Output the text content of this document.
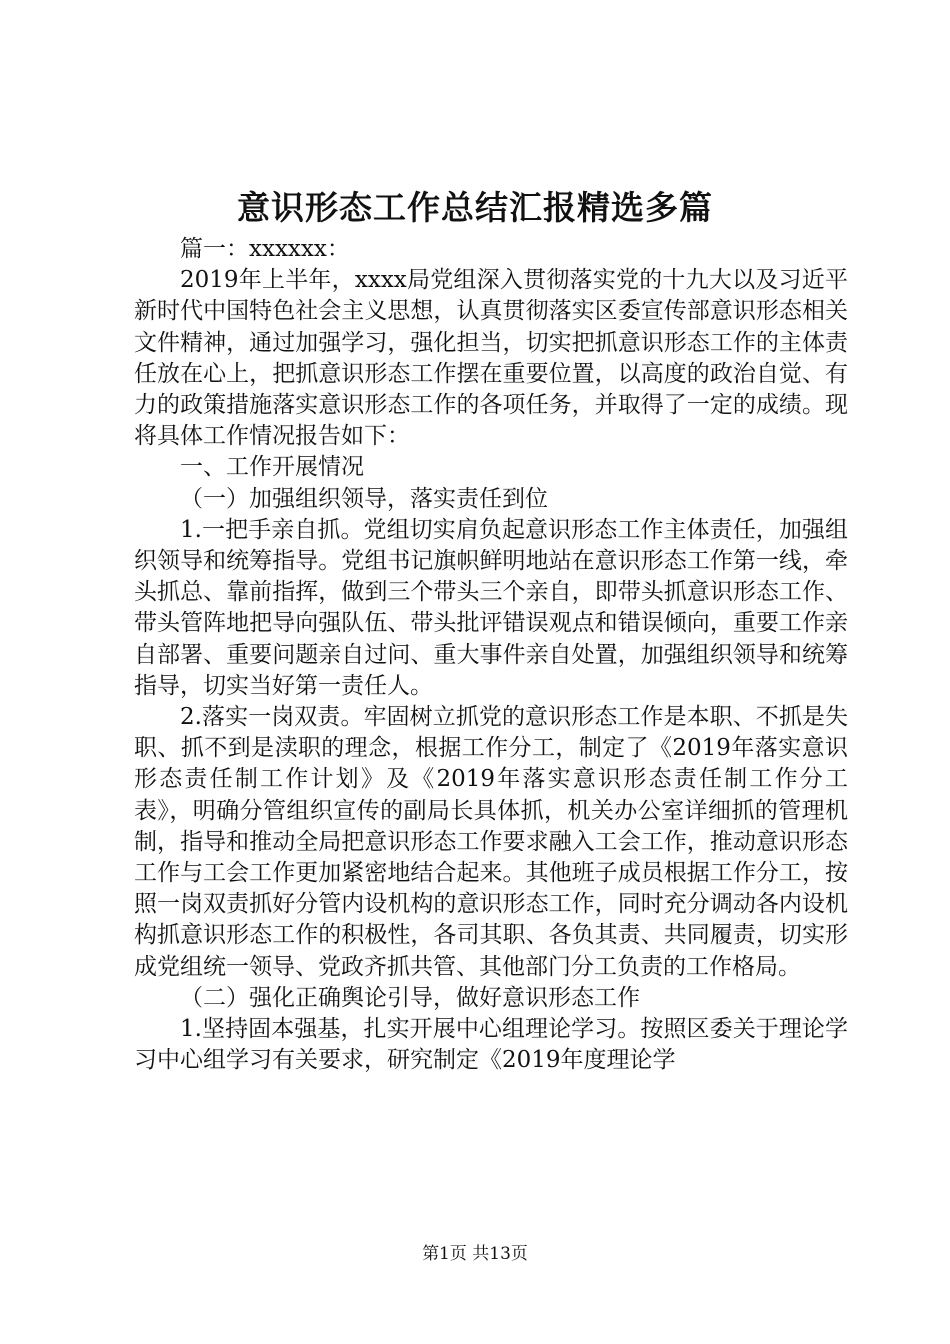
意识形态工作总结汇报精选多篇

篇一：xxxxxx：

2019年上半年，xxxx局党组深入贯彻落实党的十九大以及习近平新时代中国特色社会主义思想，认真贯彻落实区委宣传部意识形态相关文件精神，通过加强学习，强化担当，切实把抓意识形态工作的主体责任放在心上，把抓意识形态工作摆在重要位置，以高度的政治自觉、有力的政策措施落实意识形态工作的各项任务，并取得了一定的成绩。现将具体工作情况报告如下：

一、工作开展情况

（一）加强组织领导，落实责任到位

1.一把手亲自抓。党组切实肩负起意识形态工作主体责任，加强组织领导和统筹指导。党组书记旗帜鲜明地站在意识形态工作第一线，牵头抓总、靠前指挥，做到三个带头三个亲自，即带头抓意识形态工作、带头管阵地把导向强队伍、带头批评错误观点和错误倾向，重要工作亲自部署、重要问题亲自过问、重大事件亲自处置，加强组织领导和统筹指导，切实当好第一责任人。

2.落实一岗双责。牢固树立抓党的意识形态工作是本职、不抓是失职、抓不到是渎职的理念，根据工作分工，制定了《2019年落实意识形态责任制工作计划》及《2019年落实意识形态责任制工作分工表》，明确分管组织宣传的副局长具体抓，机关办公室详细抓的管理机制，指导和推动全局把意识形态工作要求融入工会工作，推动意识形态工作与工会工作更加紧密地结合起来。其他班子成员根据工作分工，按照一岗双责抓好分管内设机构的意识形态工作，同时充分调动各内设机构抓意识形态工作的积极性，各司其职、各负其责、共同履责，切实形成党组统一领导、党政齐抓共管、其他部门分工负责的工作格局。

（二）强化正确舆论引导，做好意识形态工作

1.坚持固本强基，扎实开展中心组理论学习。按照区委关于理论学习中心组学习有关要求，研究制定《2019年度理论学

第1页 共13页
